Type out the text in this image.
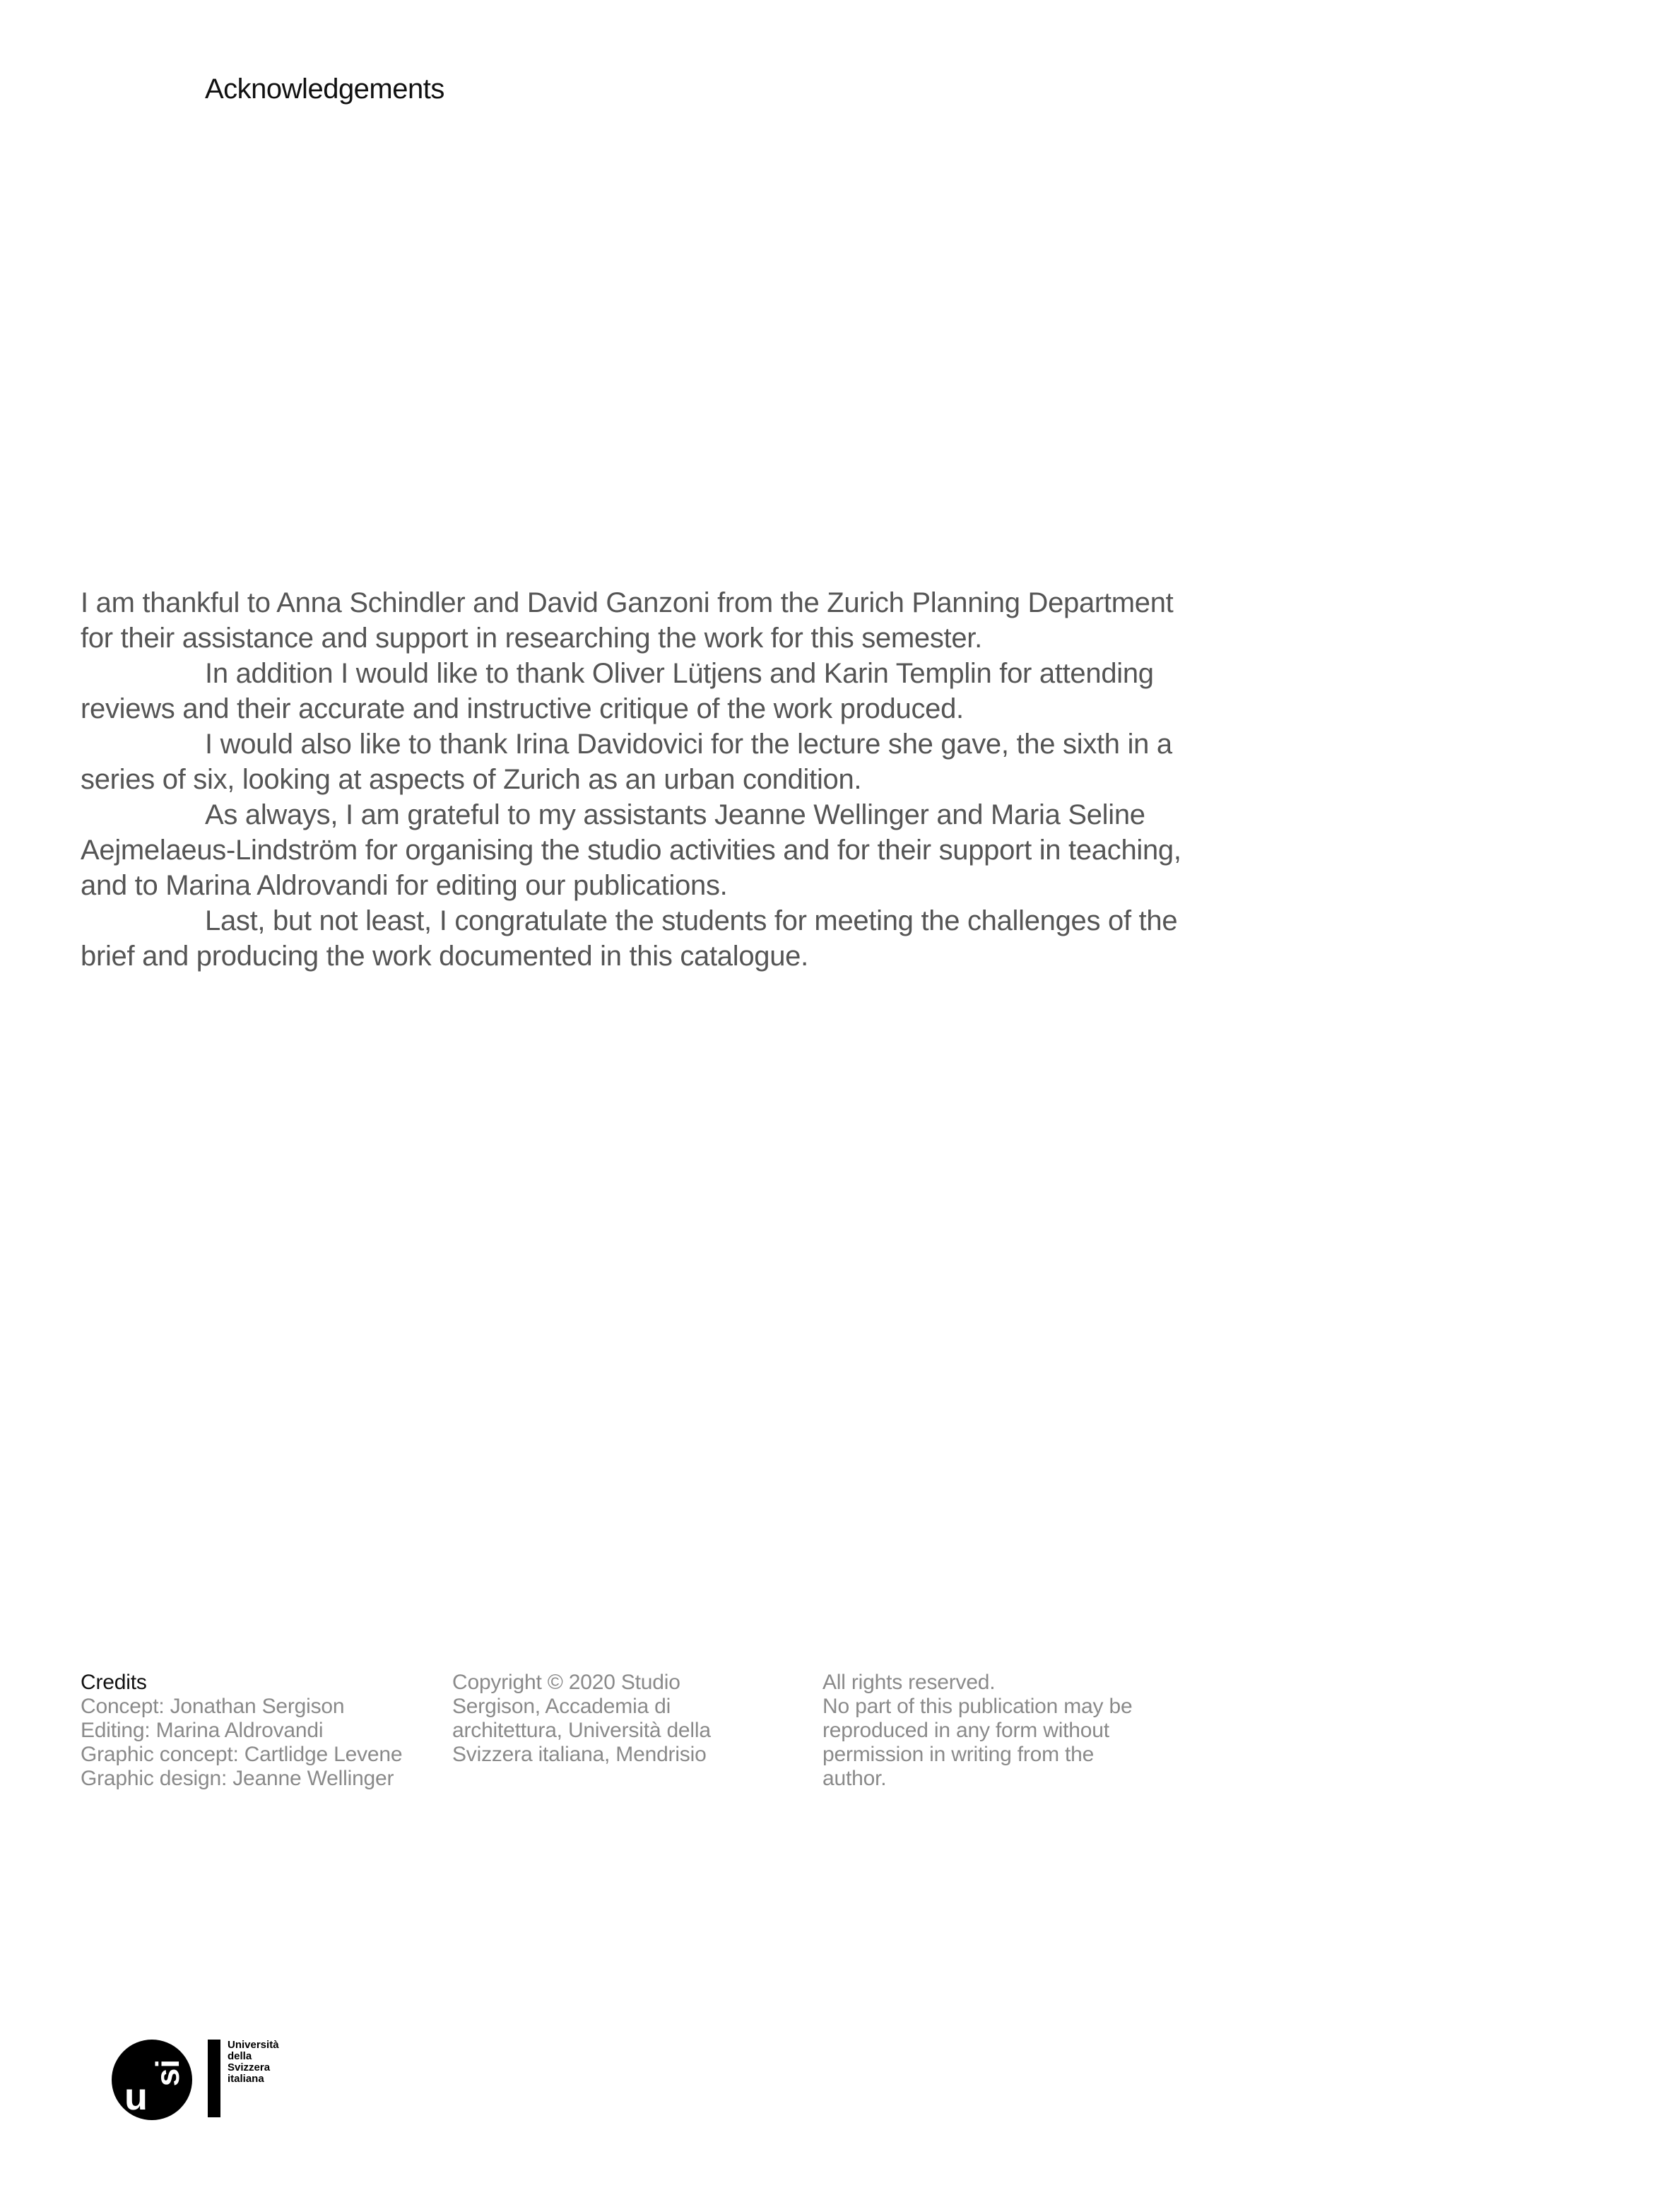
Acknowledgements

I am thankful to Anna Schindler and David Ganzoni from the Zurich Planning Department for their assistance and support in researching the work for this semester.

In addition I would like to thank Oliver Lütjens and Karin Templin for attending reviews and their accurate and instructive critique of the work produced.

I would also like to thank Irina Davidovici for the lecture she gave, the sixth in a series of six, looking at aspects of Zurich as an urban condition.

As always, I am grateful to my assistants Jeanne Wellinger and Maria Seline Aejmelaeus-Lindström for organising the studio activities and for their support in teaching, and to Marina Aldrovandi for editing our publications.

Last, but not least, I congratulate the students for meeting the challenges of the brief and producing the work documented in this catalogue.

Credits
Concept: Jonathan Sergison
Editing: Marina Aldrovandi
Graphic concept: Cartlidge Levene
Graphic design: Jeanne Wellinger
Copyright © 2020 Studio
Sergison, Accademia di
architettura, Università della
Svizzera italiana, Mendrisio
All rights reserved.
No part of this publication may be
reproduced in any form without
permission in writing from the
author.
u
si
Università
della
Svizzera
italiana
